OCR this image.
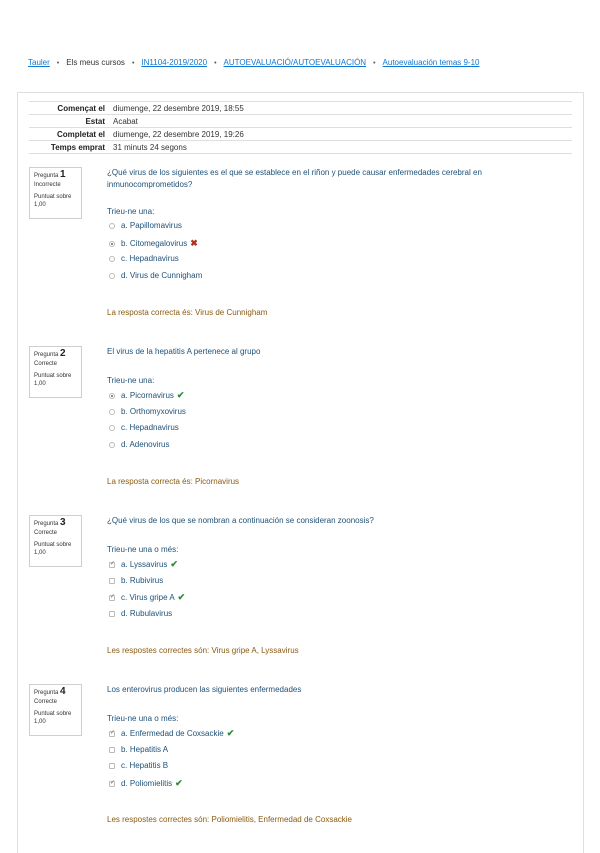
Tauler • Els meus cursos • IN1104-2019/2020 • AUTOEVALUACIÓ/AUTOEVALUACIÓN • Autoevaluación temas 9-10
Començat el	diumenge, 22 desembre 2019, 18:55
Estat	Acabat
Completat el	diumenge, 22 desembre 2019, 19:26
Temps emprat	31 minuts 24 segons
Pregunta 1
Incorrecte
Puntuat sobre
1,00
¿Qué virus de los siguientes es el que se establece en el riñon y puede causar enfermedades cerebral en inmunocomprometidos?
Trieu-ne una:
a. Papillomavirus
b. Citomegalovirus ✖
c. Hepadnavirus
d. Virus de Cunnigham
La resposta correcta és: Virus de Cunnigham
Pregunta 2
Correcte
Puntuat sobre
1,00
El virus de la hepatitis A pertenece al grupo
Trieu-ne una:
a. Picornavirus ✔
b. Orthomyxovirus
c. Hepadnavirus
d. Adenovirus
La resposta correcta és: Picornavirus
Pregunta 3
Correcte
Puntuat sobre
1,00
¿Qué virus de los que se nombran a continuación se consideran zoonosis?
Trieu-ne una o més:
✓
a. Lyssavirus ✔
b. Rubivirus
✓
c. Virus gripe A ✔
d. Rubulavirus
Les respostes correctes són: Virus gripe A, Lyssavirus
Pregunta 4
Correcte
Puntuat sobre
1,00
Los enterovirus producen las siguientes enfermedades
Trieu-ne una o més:
✓
a. Enfermedad de Coxsackie ✔
b. Hepatitis A
c. Hepatitis B
✓
d. Poliomielitis ✔
Les respostes correctes són: Poliomielitis, Enfermedad de Coxsackie
